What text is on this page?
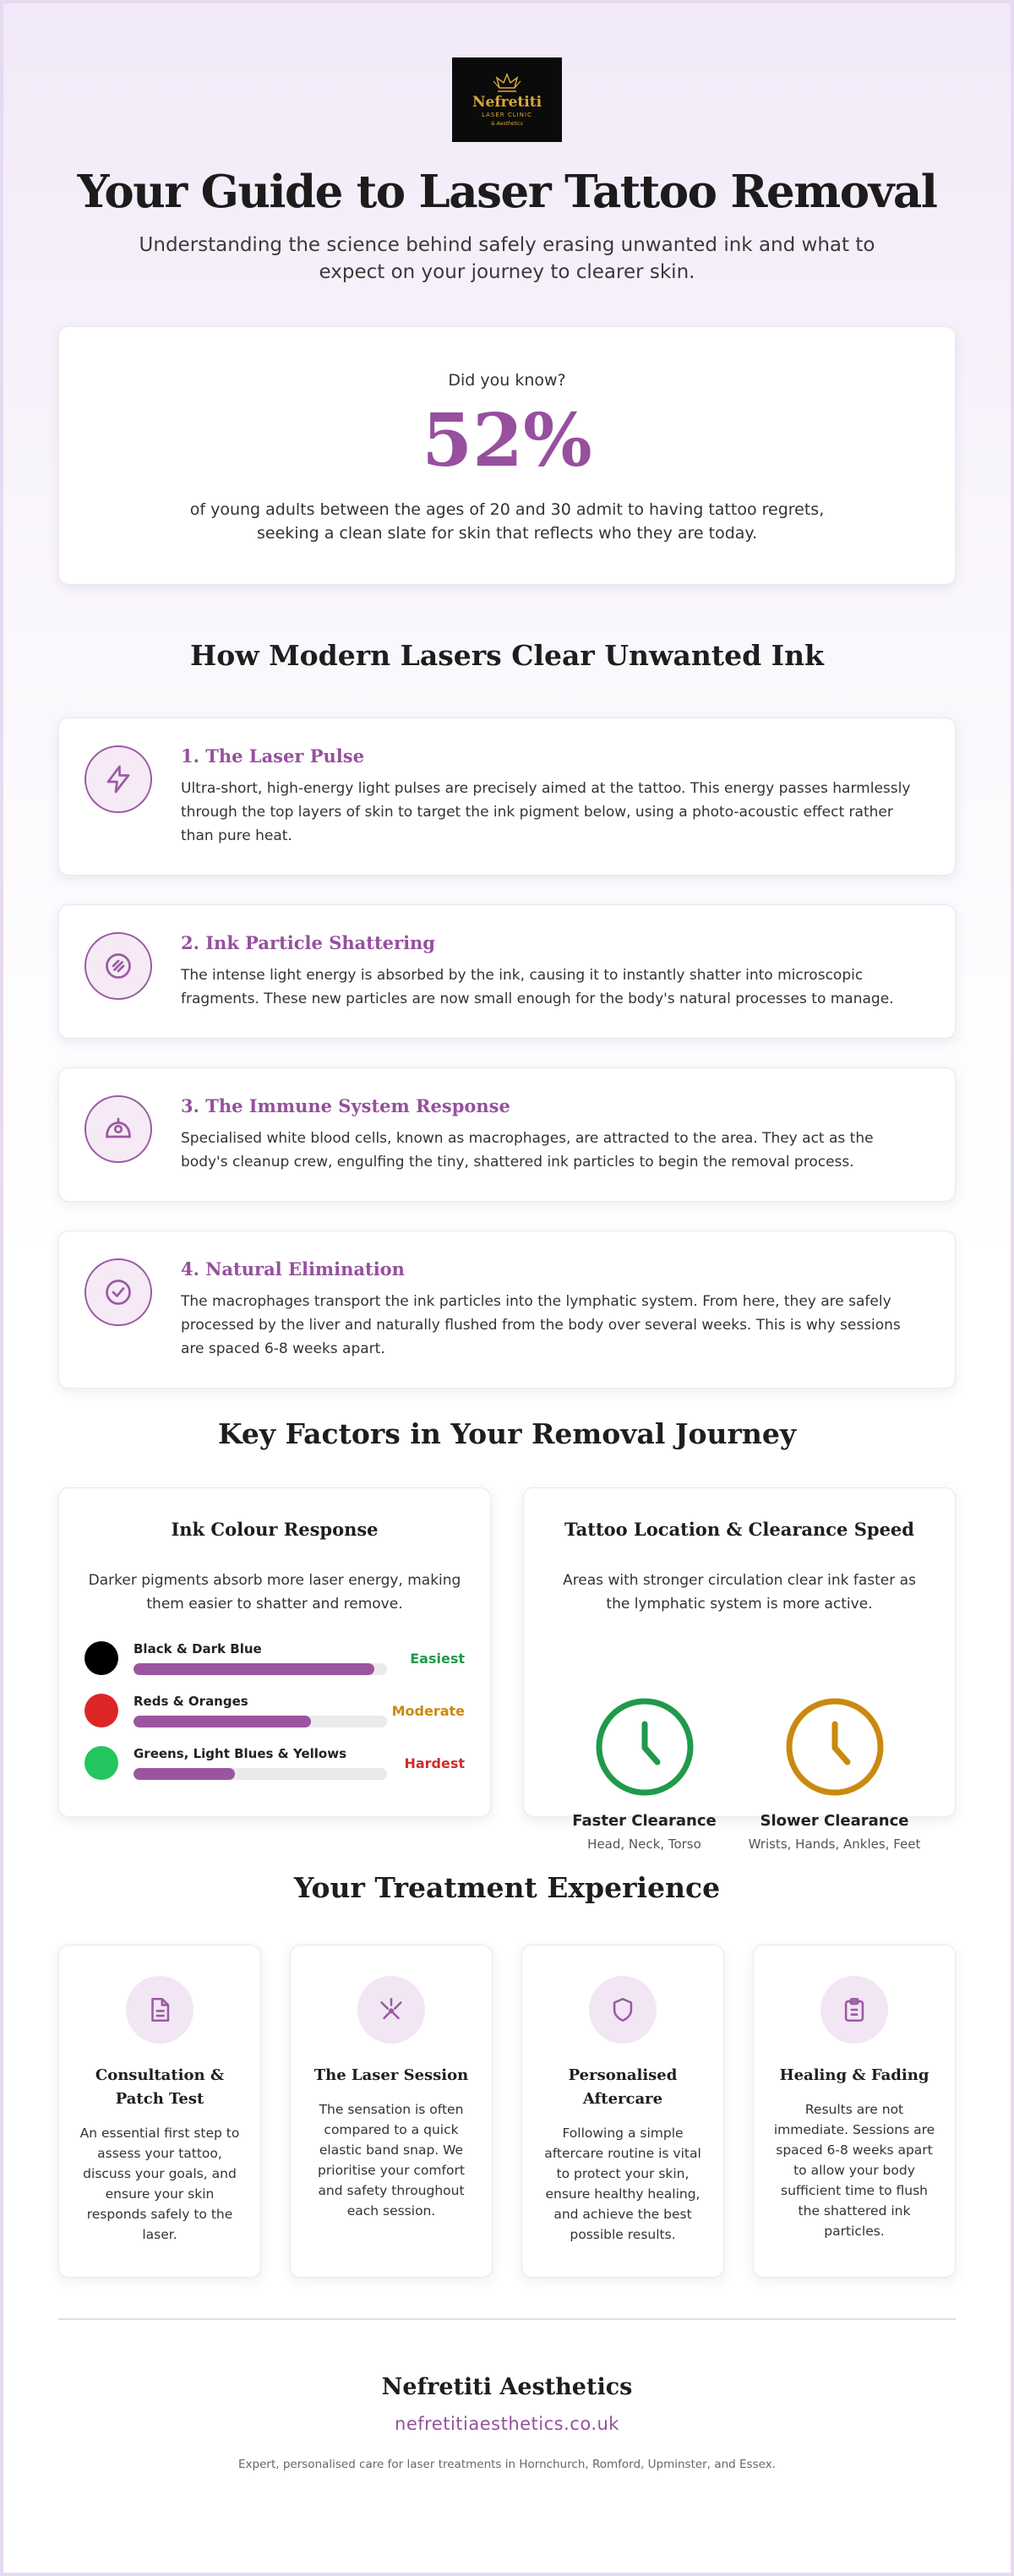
Nefretiti
LASER CLINIC
& Aesthetics
Your Guide to Laser Tattoo Removal

Understanding the science behind safely erasing unwanted ink and what to expect on your journey to clearer skin.

Did you know?
52%
of young adults between the ages of 20 and 30 admit to having tattoo regrets, seeking a clean slate for skin that reflects who they are today.
How Modern Lasers Clear Unwanted Ink
1. The Laser Pulse
Ultra-short, high-energy light pulses are precisely aimed at the tattoo. This energy passes harmlessly through the top layers of skin to target the ink pigment below, using a photo-acoustic effect rather than pure heat.
2. Ink Particle Shattering
The intense light energy is absorbed by the ink, causing it to instantly shatter into microscopic fragments. These new particles are now small enough for the body's natural processes to manage.
3. The Immune System Response
Specialised white blood cells, known as macrophages, are attracted to the area. They act as the body's cleanup crew, engulfing the tiny, shattered ink particles to begin the removal process.
4. Natural Elimination
The macrophages transport the ink particles into the lymphatic system. From here, they are safely processed by the liver and naturally flushed from the body over several weeks. This is why sessions are spaced 6-8 weeks apart.
Key Factors in Your Removal Journey
Ink Colour Response
Darker pigments absorb more laser energy, making them easier to shatter and remove.
Black & Dark Blue
Easiest
Reds & Oranges
Moderate
Greens, Light Blues & Yellows
Hardest
Tattoo Location & Clearance Speed
Areas with stronger circulation clear ink faster as the lymphatic system is more active.
Faster Clearance
Head, Neck, Torso
Slower Clearance
Wrists, Hands, Ankles, Feet
Your Treatment Experience
Consultation & Patch Test
An essential first step to assess your tattoo, discuss your goals, and ensure your skin responds safely to the laser.
The Laser Session
The sensation is often compared to a quick elastic band snap. We prioritise your comfort and safety throughout each session.
Personalised Aftercare
Following a simple aftercare routine is vital to protect your skin, ensure healthy healing, and achieve the best possible results.
Healing & Fading
Results are not immediate. Sessions are spaced 6-8 weeks apart to allow your body sufficient time to flush the shattered ink particles.
Nefretiti Aesthetics
nefretitiaesthetics.co.uk
Expert, personalised care for laser treatments in Hornchurch, Romford, Upminster, and Essex.
